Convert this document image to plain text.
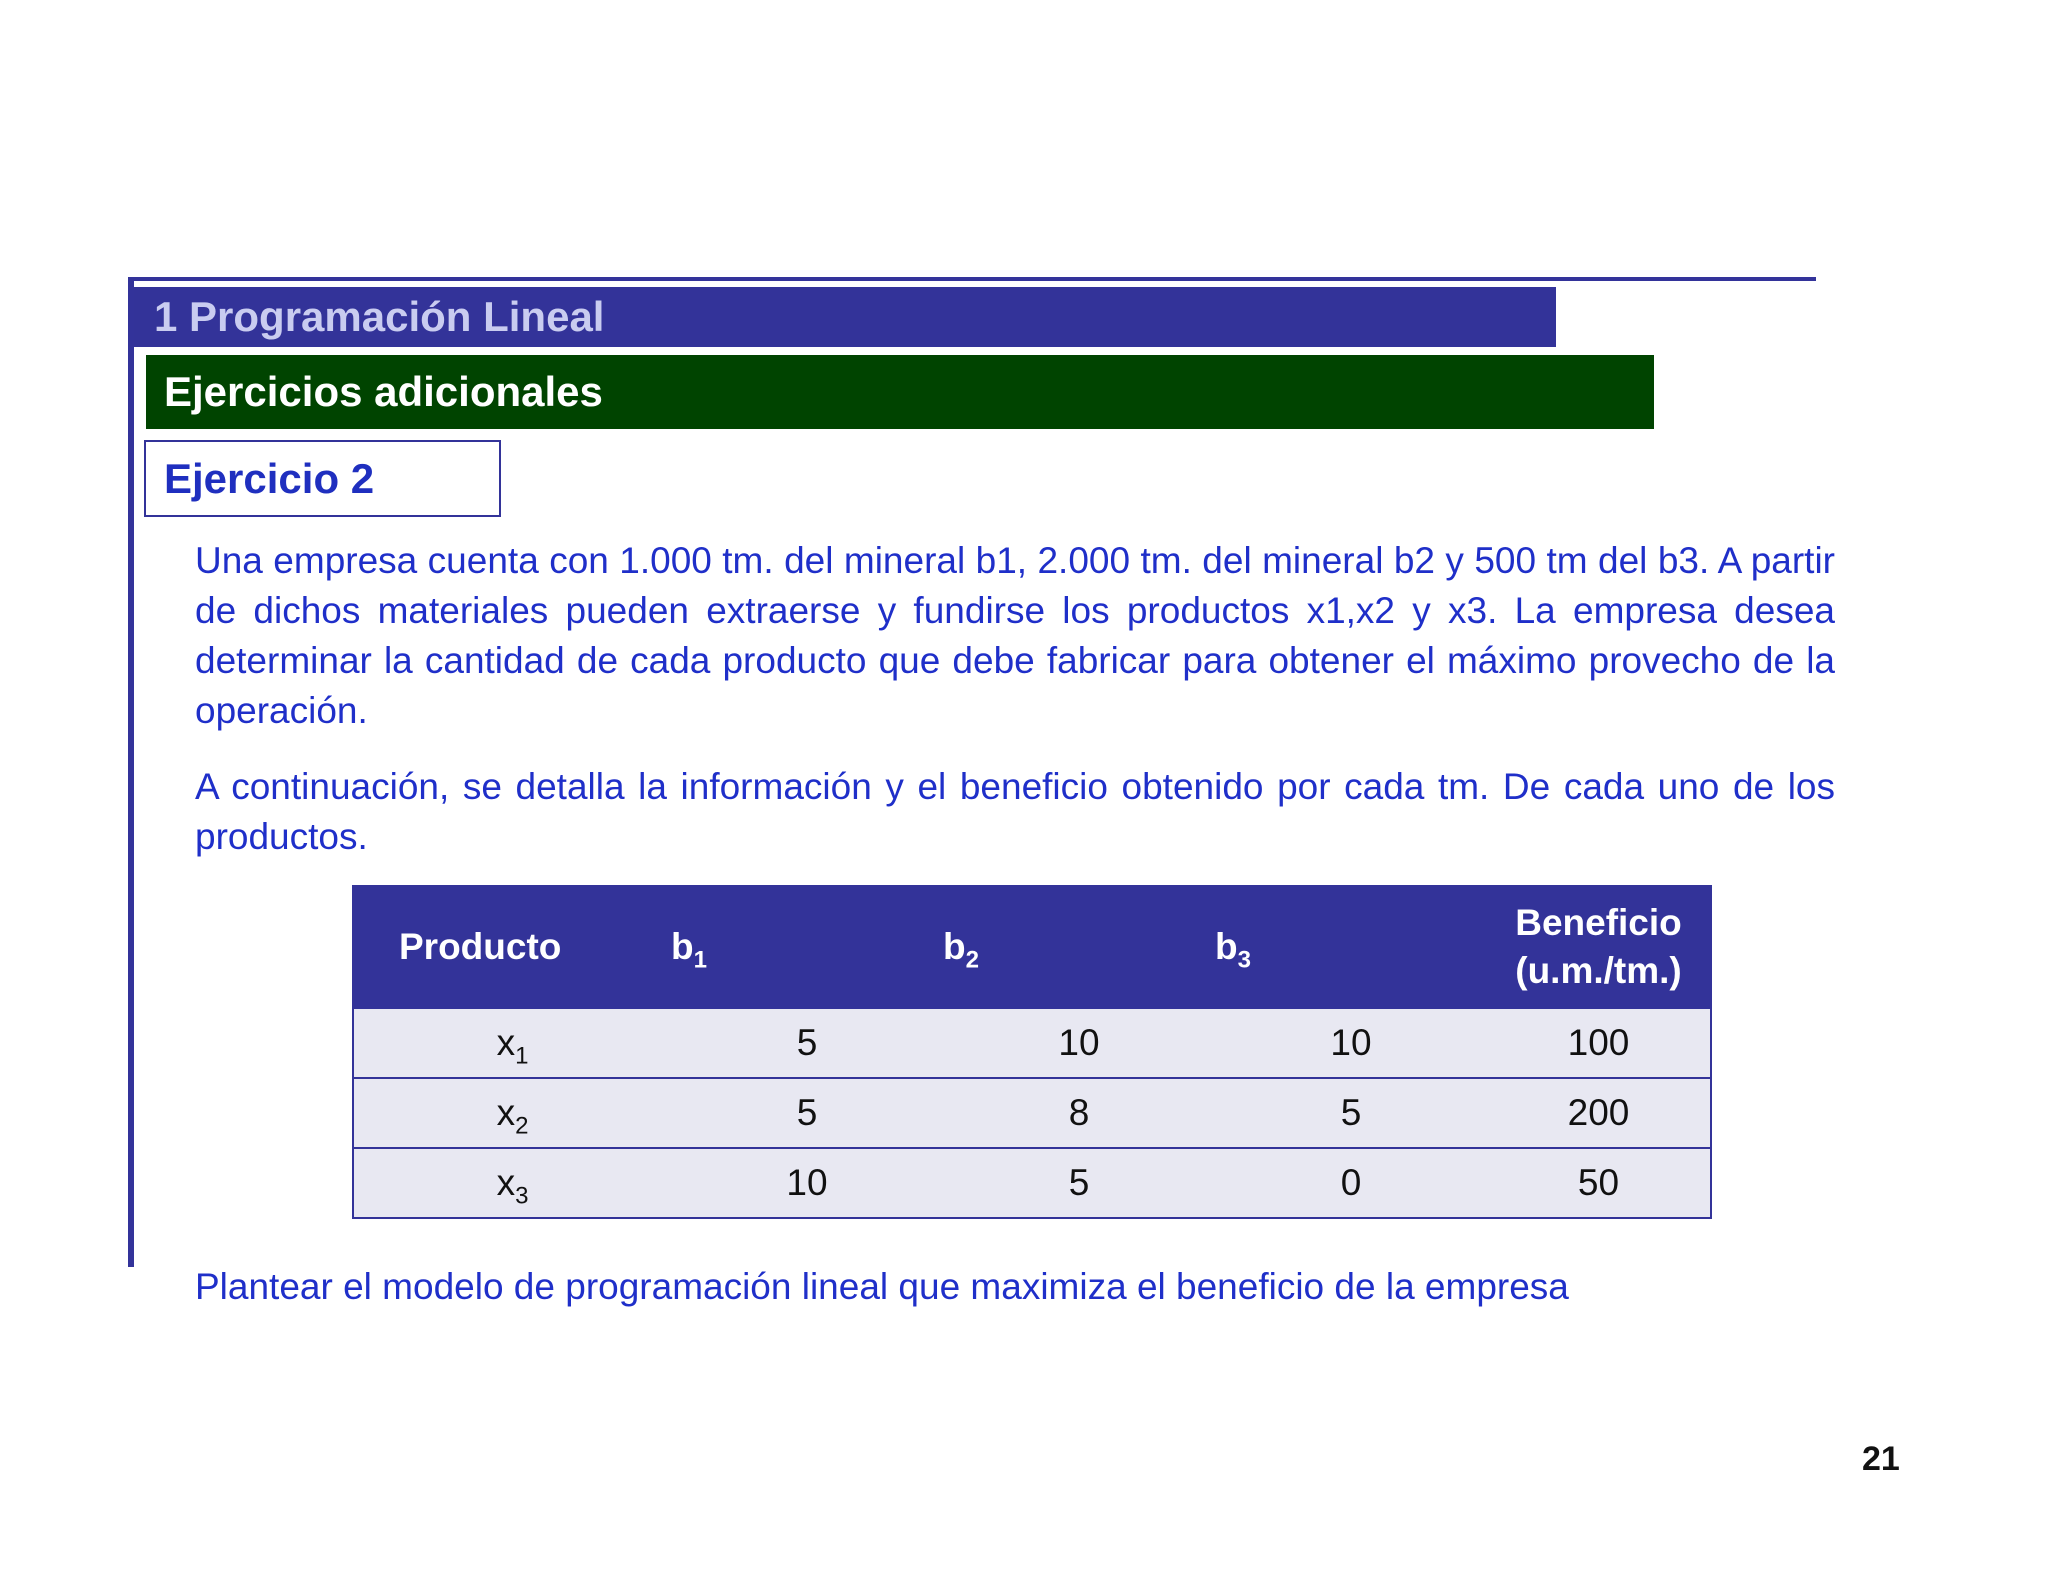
1 Programación Lineal
Ejercicios adicionales
Ejercicio 2

Una empresa cuenta con 1.000 tm. del mineral b1, 2.000 tm. del mineral b2 y 500 tm del b3. A partir de dichos materiales pueden extraerse y fundirse los productos x1,x2 y x3. La empresa desea determinar la cantidad de cada producto que debe fabricar para obtener el máximo provecho de la operación.

A continuación, se detalla la información y el beneficio obtenido por cada tm. De cada uno de los productos.

Producto	$b_1$	$b_2$	$b_3$	Beneficio
(u.m./tm.)
$x_1$	5	10	10	100
$x_2$	5	8	5	200
$x_3$	10	5	0	50

Plantear el modelo de programación lineal que maximiza el beneficio de la empresa

21
